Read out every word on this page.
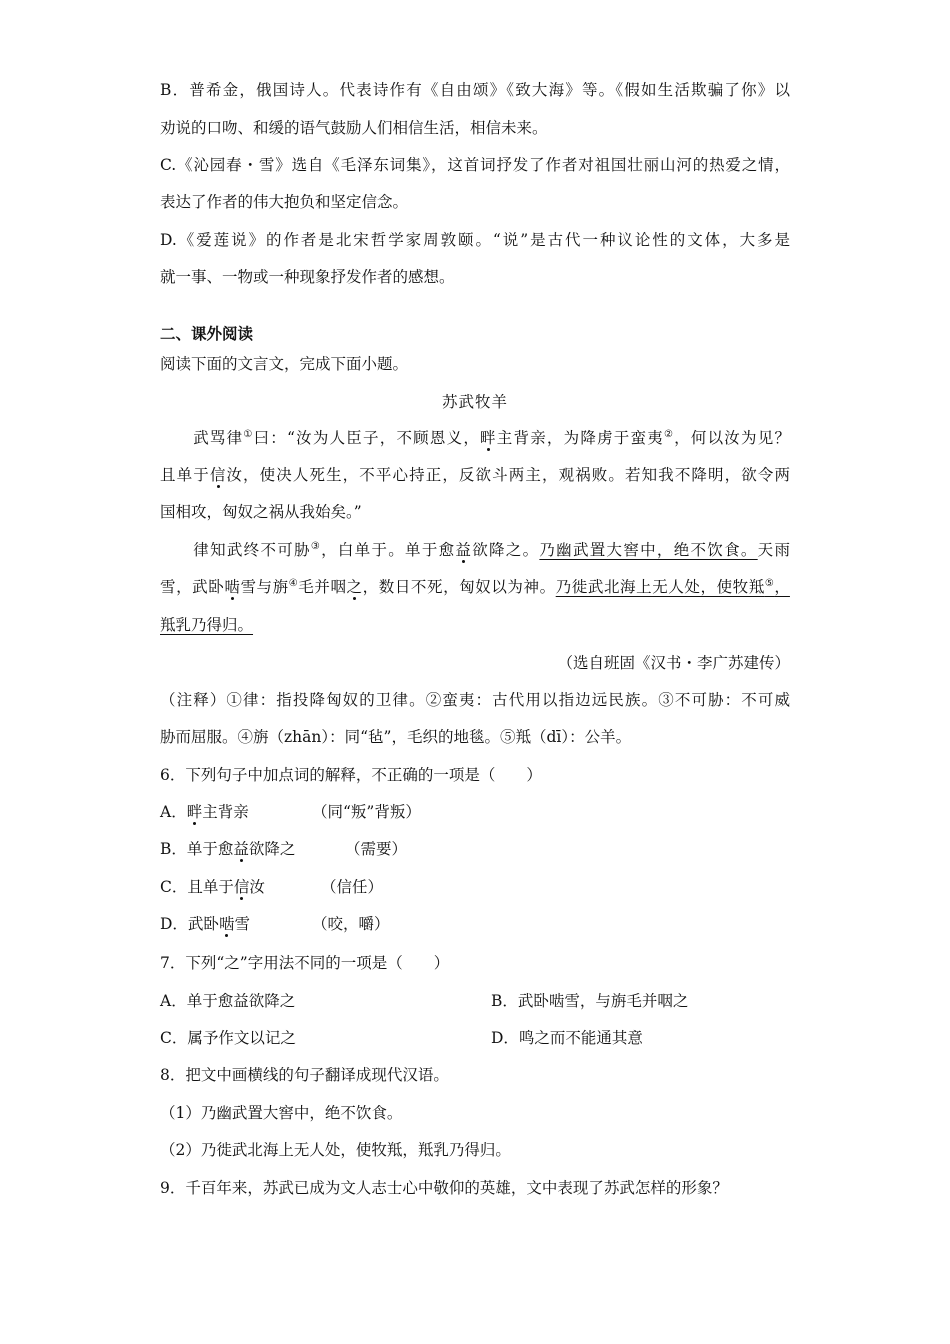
B．普希金，俄国诗人。代表诗作有《自由颂》《致大海》等。《假如生活欺骗了你》以
劝说的口吻、和缓的语气鼓励人们相信生活，相信未来。
C.《沁园春・雪》选自《毛泽东词集》，这首词抒发了作者对祖国壮丽山河的热爱之情，
表达了作者的伟大抱负和坚定信念。
D.《爱莲说》的作者是北宋哲学家周敦颐。“说”是古代一种议论性的文体，大多是
就一事、一物或一种现象抒发作者的感想。
二、课外阅读
阅读下面的文言文，完成下面小题。
苏武牧羊
武骂律①曰：“汝为人臣子，不顾恩义，畔主背亲，为降虏于蛮夷②，何以汝为见？
且单于信汝，使决人死生，不平心持正，反欲斗两主，观祸败。若知我不降明，欲令两
国相攻，匈奴之祸从我始矣。”
律知武终不可胁③，白单于。单于愈益欲降之。乃幽武置大窖中，绝不饮食。天雨
雪，武卧啮雪与旃④毛并咽之，数日不死，匈奴以为神。乃徙武北海上无人处，使牧羝⑤，
羝乳乃得归。
（选自班固《汉书・李广苏建传）
（注释）①律：指投降匈奴的卫律。②蛮夷：古代用以指边远民族。③不可胁：不可威
胁而屈服。④旃（zhān）：同“毡”，毛织的地毯。⑤羝（dī）：公羊。
6．下列句子中加点词的解释，不正确的一项是（　　）
A．畔主背亲	（同“叛”背叛）
B．单于愈益欲降之	（需要）
C．且单于信汝	（信任）
D．武卧啮雪	（咬，嚼）
7．下列“之”字用法不同的一项是（　　）
A．单于愈益欲降之	B．武卧啮雪，与旃毛并咽之
C．属予作文以记之	D．鸣之而不能通其意
8．把文中画横线的句子翻译成现代汉语。
（1）乃幽武置大窖中，绝不饮食。
（2）乃徙武北海上无人处，使牧羝，羝乳乃得归。
9．千百年来，苏武已成为文人志士心中敬仰的英雄，文中表现了苏武怎样的形象？
